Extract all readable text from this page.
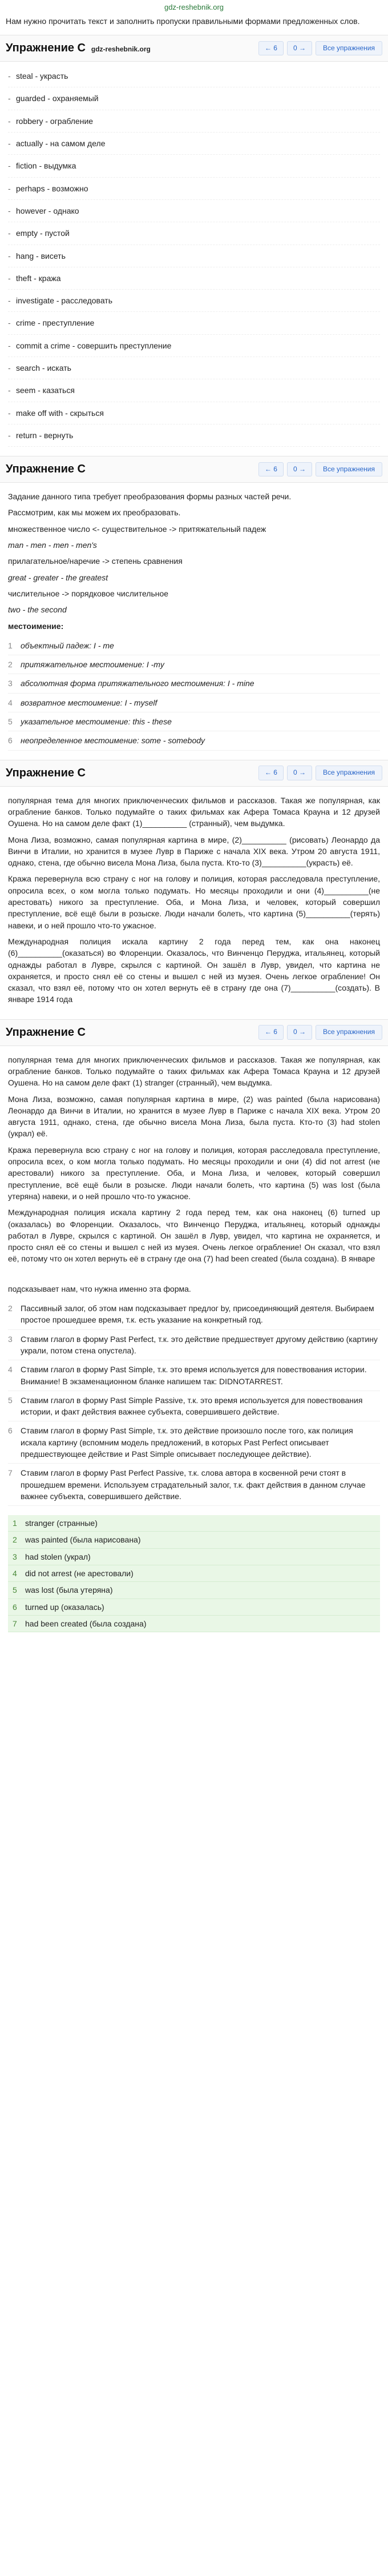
gdz-reshebnik.org
Нам нужно прочитать текст и заполнить пропуски правильными формами предложенных слов.
Упражнение C gdz-reshebnik.org	← 6	0 →	Все упражнения
- steal - украсть
- guarded - охраняемый
- robbery - ограбление
- actually - на самом деле
- fiction - выдумка
- perhaps - возможно
- however - однако
- empty - пустой
- hang - висеть
- theft - кража
- investigate - расследовать
- crime - преступление
- commit a crime - совершить преступление
- search - искать
- seem - казаться
- make off with - скрыться
- return - вернуть
Упражнение C	← 6	0 →	Все упражнения

Задание данного типа требует преобразования формы разных частей речи.

Рассмотрим, как мы можем их преобразовать.

множественное число <- существительное -> притяжательный падеж

man - men - men - men's

прилагательное/наречие -> степень сравнения

great - greater - the greatest

числительное -> порядковое числительное

two - the second

местоимение:

1	объектный падеж: I - me
2	притяжательное местоимение: I -my
3	абсолютная форма притяжательного местоимения: I - mine
4	возвратное местоимение: I - myself
5	указательное местоимение: this - these
6	неопределенное местоимение: some - somebody
Упражнение C	← 6	0 →	Все упражнения

популярная тема для многих приключенческих фильмов и рассказов. Такая же популярная, как ограбление банков. Только подумайте о таких фильмах как Афера Томаса Крауна и 12 друзей Оушена. Но на самом деле факт (1)__________ (странный), чем выдумка.

Мона Лиза, возможно, самая популярная картина в мире, (2)__________ (рисовать) Леонардо да Винчи в Италии, но хранится в музее Лувр в Париже с начала XIX века. Утром 20 августа 1911, однако, стена, где обычно висела Мона Лиза, была пуста. Кто-то (3)__________(украсть) её.

Кража перевернула всю страну с ног на голову и полиция, которая расследовала преступление, опросила всех, о ком могла только подумать. Но месяцы проходили и они (4)__________(не арестовать) никого за преступление. Оба, и Мона Лиза, и человек, который совершил преступление, всё ещё были в розыске. Люди начали болеть, что картина (5)__________(терять) навеки, и о ней прошло что-то ужасное.

Международная полиция искала картину 2 года перед тем, как она наконец (6)__________(оказаться) во Флоренции. Оказалось, что Винченцо Перуджа, итальянец, который однажды работал в Лувре, скрылся с картиной. Он зашёл в Лувр, увидел, что картина не охраняется, и просто снял её со стены и вышел с ней из музея. Очень легкое ограбление! Он сказал, что взял её, потому что он хотел вернуть её в страну где она (7)__________(создать). В январе 1914 года

Упражнение C	← 6	0 →	Все упражнения

популярная тема для многих приключенческих фильмов и рассказов. Такая же популярная, как ограбление банков. Только подумайте о таких фильмах как Афера Томаса Крауна и 12 друзей Оушена. Но на самом деле факт (1) stranger (странный), чем выдумка.

Мона Лиза, возможно, самая популярная картина в мире, (2) was painted (была нарисована) Леонардо да Винчи в Италии, но хранится в музее Лувр в Париже с начала XIX века. Утром 20 августа 1911, однако, стена, где обычно висела Мона Лиза, была пуста. Кто-то (3) had stolen (украл) её.

Кража перевернула всю страну с ног на голову и полиция, которая расследовала преступление, опросила всех, о ком могла только подумать. Но месяцы проходили и они (4) did not arrest (не арестовали) никого за преступление. Оба, и Мона Лиза, и человек, который совершил преступление, всё ещё были в розыске. Люди начали болеть, что картина (5) was lost (была утеряна) навеки, и о ней прошло что-то ужасное.

Международная полиция искала картину 2 года перед тем, как она наконец (6) turned up (оказалась) во Флоренции. Оказалось, что Винченцо Перуджа, итальянец, который однажды работал в Лувре, скрылся с картиной. Он зашёл в Лувр, увидел, что картина не охраняется, и просто снял её со стены и вышел с ней из музея. Очень легкое ограбление! Он сказал, что взял её, потому что он хотел вернуть её в страну где она (7) had been created (была создана). В январе

подсказывает нам, что нужна именно эта форма.

2	Пассивный залог, об этом нам подсказывает предлог by, присоединяющий деятеля. Выбираем простое прошедшее время, т.к. есть указание на конкретный год.
3	Ставим глагол в форму Past Perfect, т.к. это действие предшествует другому действию (картину украли, потом стена опустела).
4	Ставим глагол в форму Past Simple, т.к. это время используется для повествования истории. Внимание! В экзаменационном бланке напишем так: DIDNOTARREST.
5	Ставим глагол в форму Past Simple Passive, т.к. это время используется для повествования истории, и факт действия важнее субъекта, совершившего действие.
6	Ставим глагол в форму Past Simple, т.к. это действие произошло после того, как полиция искала картину (вспомним модель предложений, в которых Past Perfect описывает предшествующее действие и Past Simple описывает последующее действие).
7	Ставим глагол в форму Past Perfect Passive, т.к. слова автора в косвенной речи стоят в прошедшем времени. Используем страдательный залог, т.к. факт действия в данном случае важнее субъекта, совершившего действие.
1	stranger (странные)
2	was painted (была нарисована)
3	had stolen (украл)
4	did not arrest (не арестовали)
5	was lost (была утеряна)
6	turned up (оказалась)
7	had been created (была создана)
